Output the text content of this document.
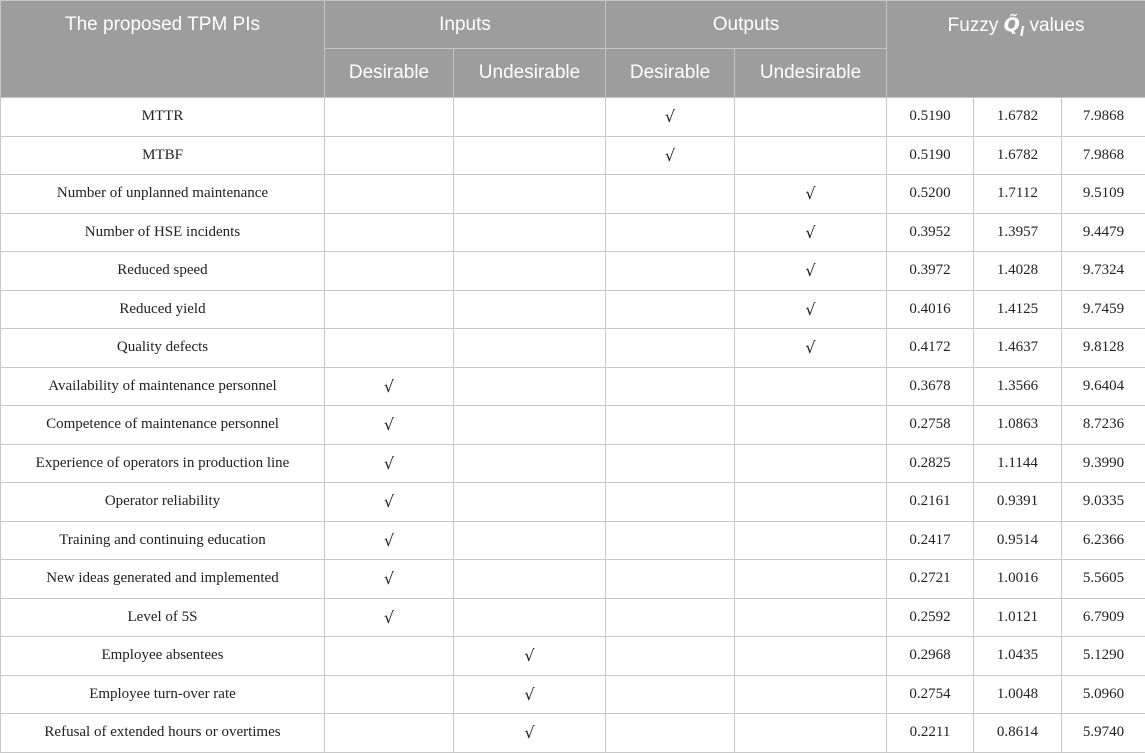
The proposed TPM PIs	Inputs		Outputs		Fuzzy $Q̃_i$ values		
	Desirable	Undesirable	Desirable	Undesirable			
MTTR			√		0.5190	1.6782	7.9868
MTBF			√		0.5190	1.6782	7.9868
Number of unplanned maintenance				√	0.5200	1.7112	9.5109
Number of HSE incidents				√	0.3952	1.3957	9.4479
Reduced speed				√	0.3972	1.4028	9.7324
Reduced yield				√	0.4016	1.4125	9.7459
Quality defects				√	0.4172	1.4637	9.8128
Availability of maintenance personnel	√				0.3678	1.3566	9.6404
Competence of maintenance personnel	√				0.2758	1.0863	8.7236
Experience of operators in production line	√				0.2825	1.1144	9.3990
Operator reliability	√				0.2161	0.9391	9.0335
Training and continuing education	√				0.2417	0.9514	6.2366
New ideas generated and implemented	√				0.2721	1.0016	5.5605
Level of 5S	√				0.2592	1.0121	6.7909
Employee absentees		√			0.2968	1.0435	5.1290
Employee turn-over rate		√			0.2754	1.0048	5.0960
Refusal of extended hours or overtimes		√			0.2211	0.8614	5.9740
